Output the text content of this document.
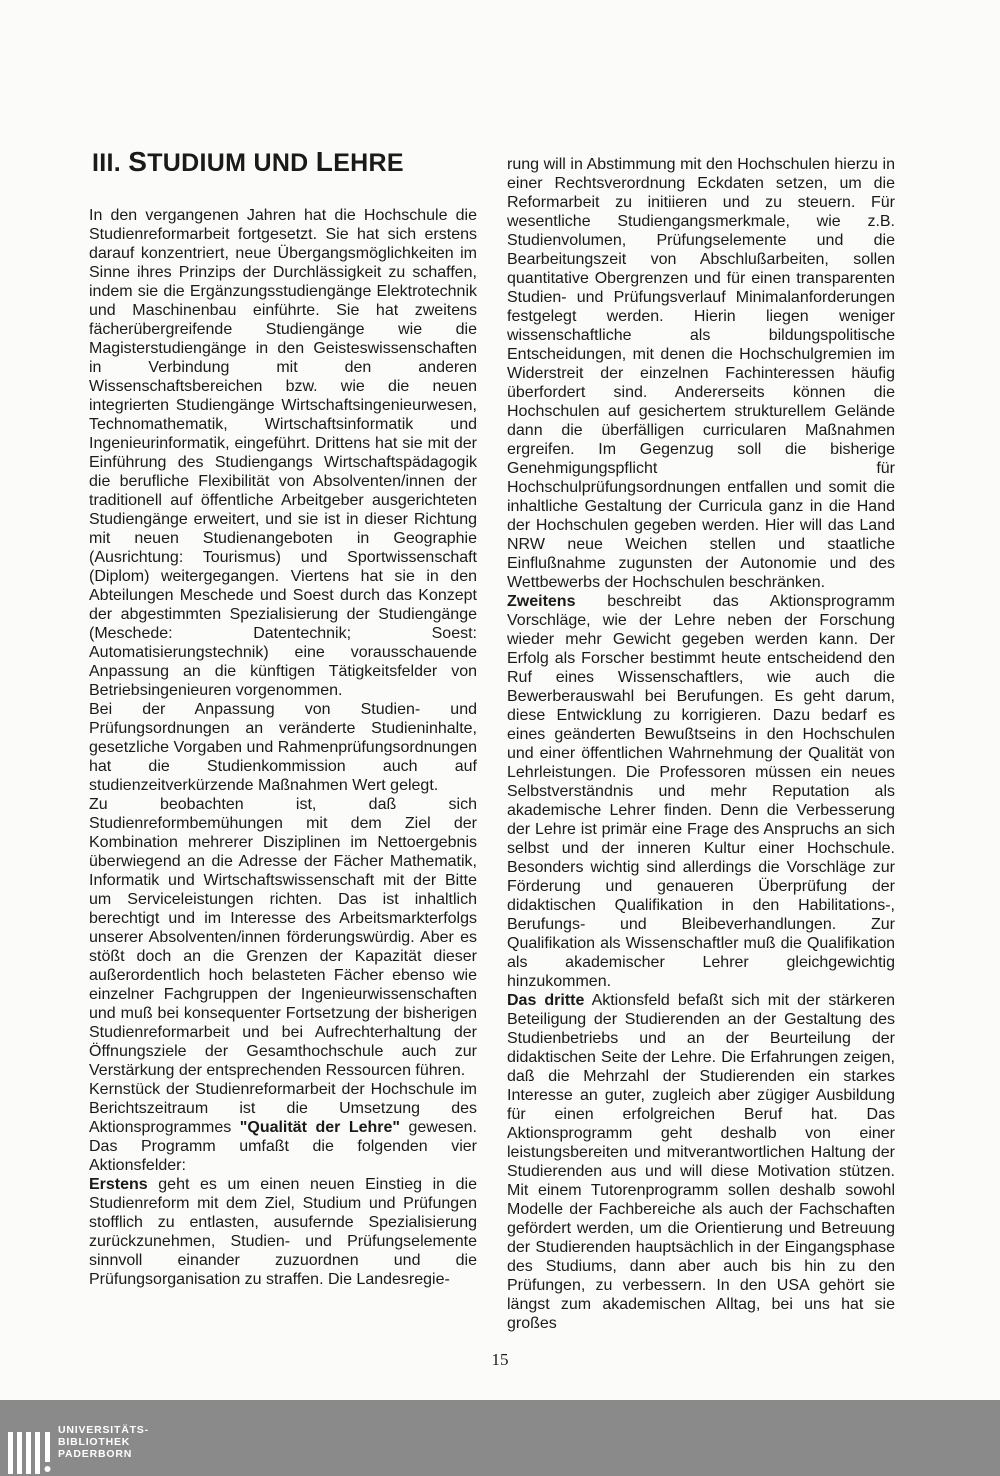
III. STUDIUM UND LEHRE

In den vergangenen Jahren hat die Hochschule die Studienreformarbeit fortgesetzt. Sie hat sich erstens darauf konzentriert, neue Übergangsmöglichkeiten im Sinne ihres Prinzips der Durchlässigkeit zu schaffen, indem sie die Ergänzungsstudiengänge Elektrotechnik und Maschinenbau einführte. Sie hat zweitens fächerübergreifende Studiengänge wie die Magisterstudiengänge in den Geisteswissenschaften in Verbindung mit den anderen Wissenschaftsbereichen bzw. wie die neuen integrierten Studiengänge Wirtschaftsingenieurwesen, Technomathematik, Wirtschaftsinformatik und Ingenieurinformatik, eingeführt. Drittens hat sie mit der Einführung des Studiengangs Wirtschaftspädagogik die berufliche Flexibilität von Absolventen/innen der traditionell auf öffentliche Arbeitgeber ausgerichteten Studiengänge erweitert, und sie ist in dieser Richtung mit neuen Studienangeboten in Geographie (Ausrichtung: Tourismus) und Sportwissenschaft (Diplom) weitergegangen. Viertens hat sie in den Abteilungen Meschede und Soest durch das Konzept der abgestimmten Spezialisierung der Studiengänge (Meschede: Datentechnik; Soest: Automatisierungstechnik) eine vorausschauende Anpassung an die künftigen Tätigkeitsfelder von Betriebsingenieuren vorgenommen.

Bei der Anpassung von Studien- und Prüfungsordnungen an veränderte Studieninhalte, gesetzliche Vorgaben und Rahmenprüfungsordnungen hat die Studienkommission auch auf studienzeitverkürzende Maßnahmen Wert gelegt.

Zu beobachten ist, daß sich Studienreformbemühungen mit dem Ziel der Kombination mehrerer Disziplinen im Nettoergebnis überwiegend an die Adresse der Fächer Mathematik, Informatik und Wirtschaftswissenschaft mit der Bitte um Serviceleistungen richten. Das ist inhaltlich berechtigt und im Interesse des Arbeitsmarkterfolgs unserer Absolventen/innen förderungswürdig. Aber es stößt doch an die Grenzen der Kapazität dieser außerordentlich hoch belasteten Fächer ebenso wie einzelner Fachgruppen der Ingenieurwissenschaften und muß bei konsequenter Fortsetzung der bisherigen Studienreformarbeit und bei Aufrechterhaltung der Öffnungsziele der Gesamthochschule auch zur Verstärkung der entsprechenden Ressourcen führen.

Kernstück der Studienreformarbeit der Hochschule im Berichtszeitraum ist die Umsetzung des Aktionsprogrammes "Qualität der Lehre" gewesen. Das Programm umfaßt die folgenden vier Aktionsfelder:

Erstens geht es um einen neuen Einstieg in die Studienreform mit dem Ziel, Studium und Prüfungen stofflich zu entlasten, ausufernde Spezialisierung zurückzunehmen, Studien- und Prüfungselemente sinnvoll einander zuzuordnen und die Prüfungsorganisation zu straffen. Die Landesregie-

rung will in Abstimmung mit den Hochschulen hierzu in einer Rechtsverordnung Eckdaten setzen, um die Reformarbeit zu initiieren und zu steuern. Für wesentliche Studiengangsmerkmale, wie z.B. Studienvolumen, Prüfungselemente und die Bearbeitungszeit von Abschlußarbeiten, sollen quantitative Obergrenzen und für einen transparenten Studien- und Prüfungsverlauf Minimalanforderungen festgelegt werden. Hierin liegen weniger wissenschaftliche als bildungspolitische Entscheidungen, mit denen die Hochschulgremien im Widerstreit der einzelnen Fachinteressen häufig überfordert sind. Andererseits können die Hochschulen auf gesichertem strukturellem Gelände dann die überfälligen curricularen Maßnahmen ergreifen. Im Gegenzug soll die bisherige Genehmigungspflicht für Hochschulprüfungsordnungen entfallen und somit die inhaltliche Gestaltung der Curricula ganz in die Hand der Hochschulen gegeben werden. Hier will das Land NRW neue Weichen stellen und staatliche Einflußnahme zugunsten der Autonomie und des Wettbewerbs der Hochschulen beschränken.

Zweitens beschreibt das Aktionsprogramm Vorschläge, wie der Lehre neben der Forschung wieder mehr Gewicht gegeben werden kann. Der Erfolg als Forscher bestimmt heute entscheidend den Ruf eines Wissenschaftlers, wie auch die Bewerberauswahl bei Berufungen. Es geht darum, diese Entwicklung zu korrigieren. Dazu bedarf es eines geänderten Bewußtseins in den Hochschulen und einer öffentlichen Wahrnehmung der Qualität von Lehrleistungen. Die Professoren müssen ein neues Selbstverständnis und mehr Reputation als akademische Lehrer finden. Denn die Verbesserung der Lehre ist primär eine Frage des Anspruchs an sich selbst und der inneren Kultur einer Hochschule. Besonders wichtig sind allerdings die Vorschläge zur Förderung und genaueren Überprüfung der didaktischen Qualifikation in den Habilitations-, Berufungs- und Bleibeverhandlungen. Zur Qualifikation als Wissenschaftler muß die Qualifikation als akademischer Lehrer gleichgewichtig hinzukommen.

Das dritte Aktionsfeld befaßt sich mit der stärkeren Beteiligung der Studierenden an der Gestaltung des Studienbetriebs und an der Beurteilung der didaktischen Seite der Lehre. Die Erfahrungen zeigen, daß die Mehrzahl der Studierenden ein starkes Interesse an guter, zugleich aber zügiger Ausbildung für einen erfolgreichen Beruf hat. Das Aktionsprogramm geht deshalb von einer leistungsbereiten und mitverantwortlichen Haltung der Studierenden aus und will diese Motivation stützen. Mit einem Tutorenprogramm sollen deshalb sowohl Modelle der Fachbereiche als auch der Fachschaften gefördert werden, um die Orientierung und Betreuung der Studierenden hauptsächlich in der Eingangsphase des Studiums, dann aber auch bis hin zu den Prüfungen, zu verbessern. In den USA gehört sie längst zum akademischen Alltag, bei uns hat sie großes

15
UNIVERSITÄTS-
BIBLIOTHEK
PADERBORN
